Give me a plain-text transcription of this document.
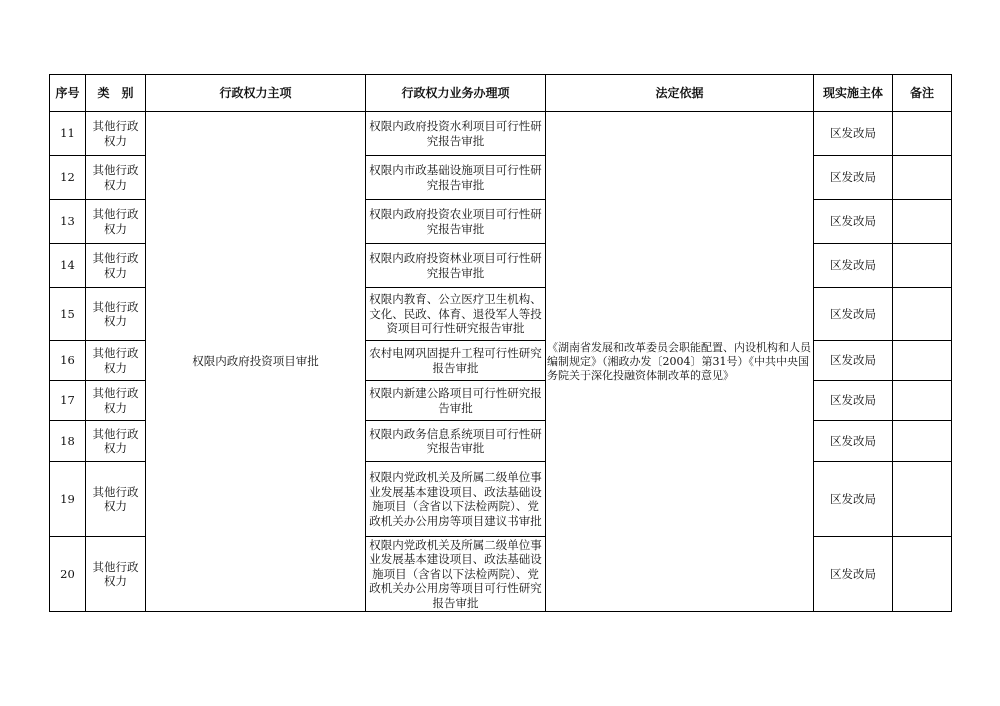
序号	类　别	行政权力主项	行政权力业务办理项	法定依据	现实施主体	备注
11	其他行政权力	权限内政府投资项目审批	权限内政府投资水利项目可行性研究报告审批	《湖南省发展和改革委员会职能配置、内设机构和人员编制规定》（湘政办发〔2004〕第31号）《中共中央国务院关于深化投融资体制改革的意见》	区发改局	
12	其他行政权力		权限内市政基础设施项目可行性研究报告审批		区发改局	
13	其他行政权力		权限内政府投资农业项目可行性研究报告审批		区发改局	
14	其他行政权力		权限内政府投资林业项目可行性研究报告审批		区发改局	
15	其他行政权力		权限内教育、公立医疗卫生机构、文化、民政、体育、退役军人等投资项目可行性研究报告审批		区发改局	
16	其他行政权力		农村电网巩固提升工程可行性研究报告审批		区发改局	
17	其他行政权力		权限内新建公路项目可行性研究报告审批		区发改局	
18	其他行政权力		权限内政务信息系统项目可行性研究报告审批		区发改局	
19	其他行政权力		权限内党政机关及所属二级单位事业发展基本建设项目、政法基础设施项目（含省以下法检两院）、党政机关办公用房等项目建议书审批		区发改局	
20	其他行政权力		权限内党政机关及所属二级单位事业发展基本建设项目、政法基础设施项目（含省以下法检两院）、党政机关办公用房等项目可行性研究报告审批		区发改局	
